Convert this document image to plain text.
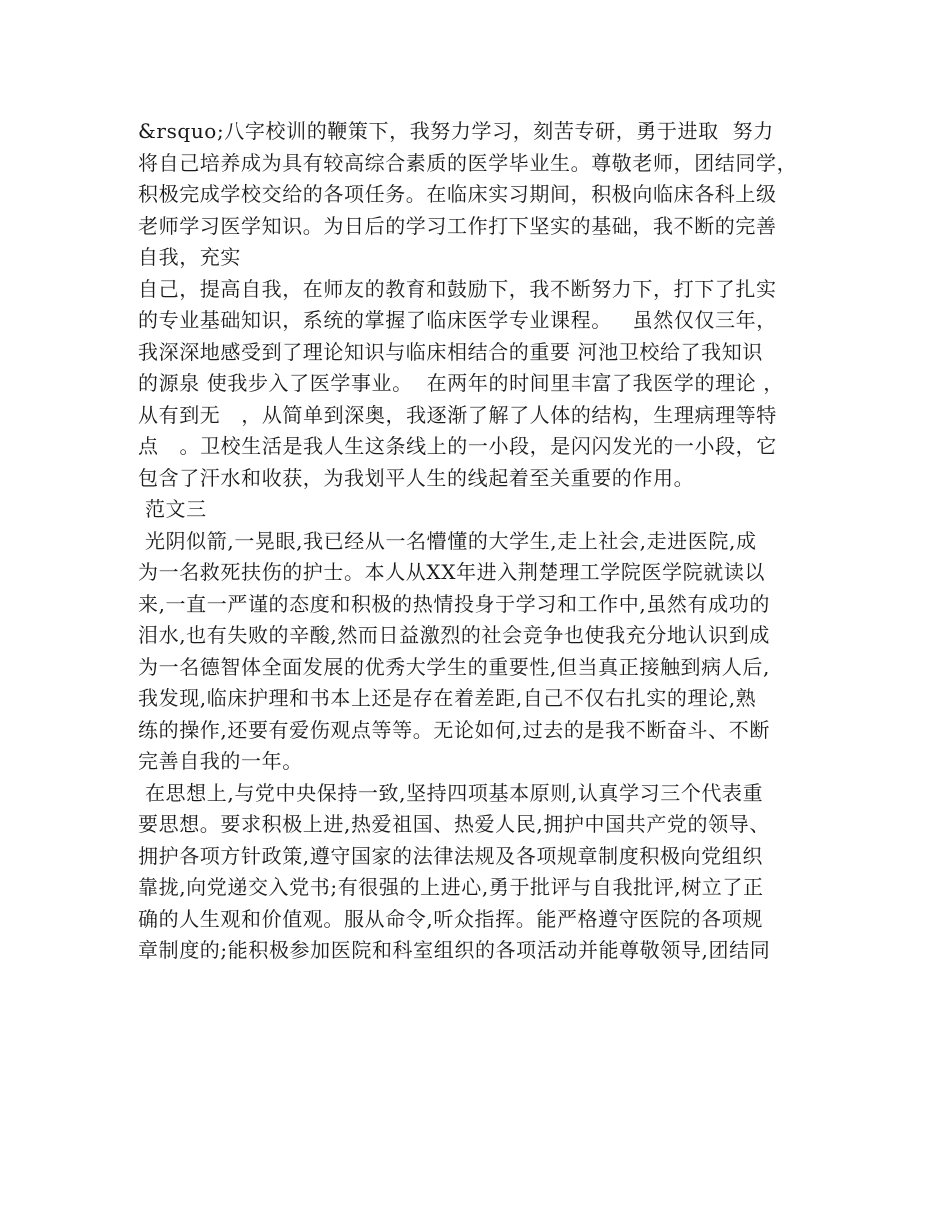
&rsquo;八字校训的鞭策下，我努力学习，刻苦专研，勇于进取  努力
将自己培养成为具有较高综合素质的医学毕业生。尊敬老师，团结同学，
积极完成学校交给的各项任务。在临床实习期间，积极向临床各科上级
老师学习医学知识。为日后的学习工作打下坚实的基础，我不断的完善
自我，充实
自己，提高自我，在师友的教育和鼓励下，我不断努力下，打下了扎实
的专业基础知识，系统的掌握了临床医学专业课程。   虽然仅仅三年，
我深深地感受到了理论知识与临床相结合的重要 河池卫校给了我知识
的源泉 使我步入了医学事业。  在两年的时间里丰富了我医学的理论 ，
从有到无   ，从简单到深奥，我逐渐了解了人体的结构，生理病理等特
点   。卫校生活是我人生这条线上的一小段，是闪闪发光的一小段，它
包含了汗水和收获，为我划平人生的线起着至关重要的作用。
范文三
光阴似箭,一晃眼,我已经从一名懵懂的大学生,走上社会,走进医院,成
为一名救死扶伤的护士。本人从XX年进入荆楚理工学院医学院就读以
来,一直一严谨的态度和积极的热情投身于学习和工作中,虽然有成功的
泪水,也有失败的辛酸,然而日益激烈的社会竞争也使我充分地认识到成
为一名德智体全面发展的优秀大学生的重要性,但当真正接触到病人后,
我发现,临床护理和书本上还是存在着差距,自己不仅右扎实的理论,熟
练的操作,还要有爱伤观点等等。无论如何,过去的是我不断奋斗、不断
完善自我的一年。
在思想上,与党中央保持一致,坚持四项基本原则,认真学习三个代表重
要思想。要求积极上进,热爱祖国、热爱人民,拥护中国共产党的领导、
拥护各项方针政策,遵守国家的法律法规及各项规章制度积极向党组织
靠拢,向党递交入党书;有很强的上进心,勇于批评与自我批评,树立了正
确的人生观和价值观。服从命令,听众指挥。能严格遵守医院的各项规
章制度的;能积极参加医院和科室组织的各项活动并能尊敬领导,团结同
